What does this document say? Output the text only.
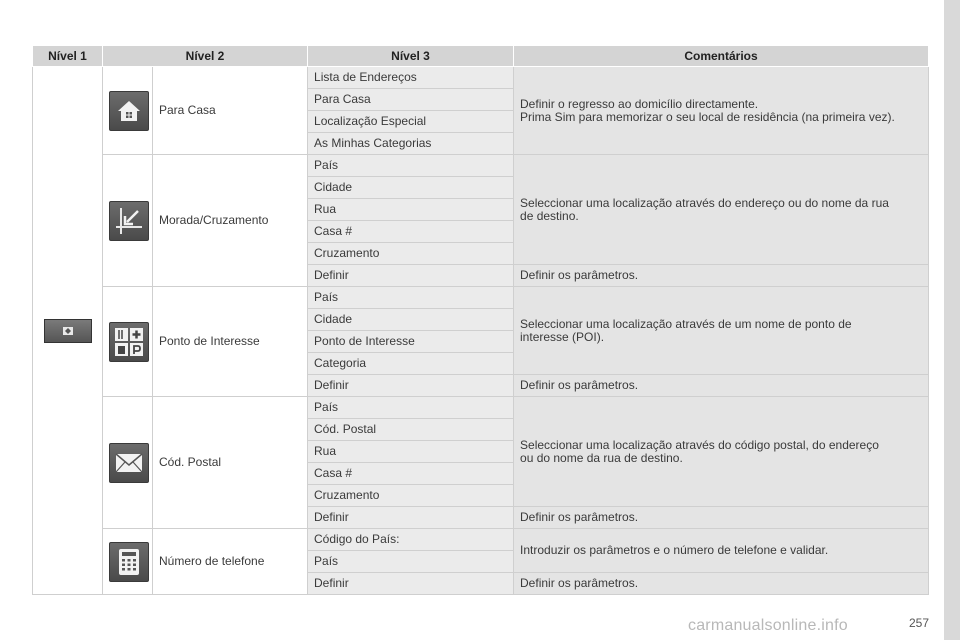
Nível 1	Nível 2		Nível 3	Comentários

	Para Casa	Lista de Endereços	Definir o regresso ao domicílio directamente.
Prima Sim para memorizar o seu local de residência (na primeira vez).

			Para Casa	
			Localização Especial	
			As Minhas Categorias	

	Morada/Cruzamento	País	Seleccionar uma localização através do endereço ou do nome da rua
de destino.

			Cidade	
			Rua	
			Casa #	
			Cruzamento	
			Definir	Definir os parâmetros.

	Ponto de Interesse	País	Seleccionar uma localização através de um nome de ponto de
interesse (POI).

			Cidade	
			Ponto de Interesse	
			Categoria	
			Definir	Definir os parâmetros.

	Cód. Postal	País	Seleccionar uma localização através do código postal, do endereço
ou do nome da rua de destino.

			Cód. Postal	
			Rua	
			Casa #	
			Cruzamento	
			Definir	Definir os parâmetros.

	Número de telefone	Código do País:	Introduzir os parâmetros e o número de telefone e validar.

			País	
			Definir	Definir os parâmetros.

carmanualsonline.info	257
